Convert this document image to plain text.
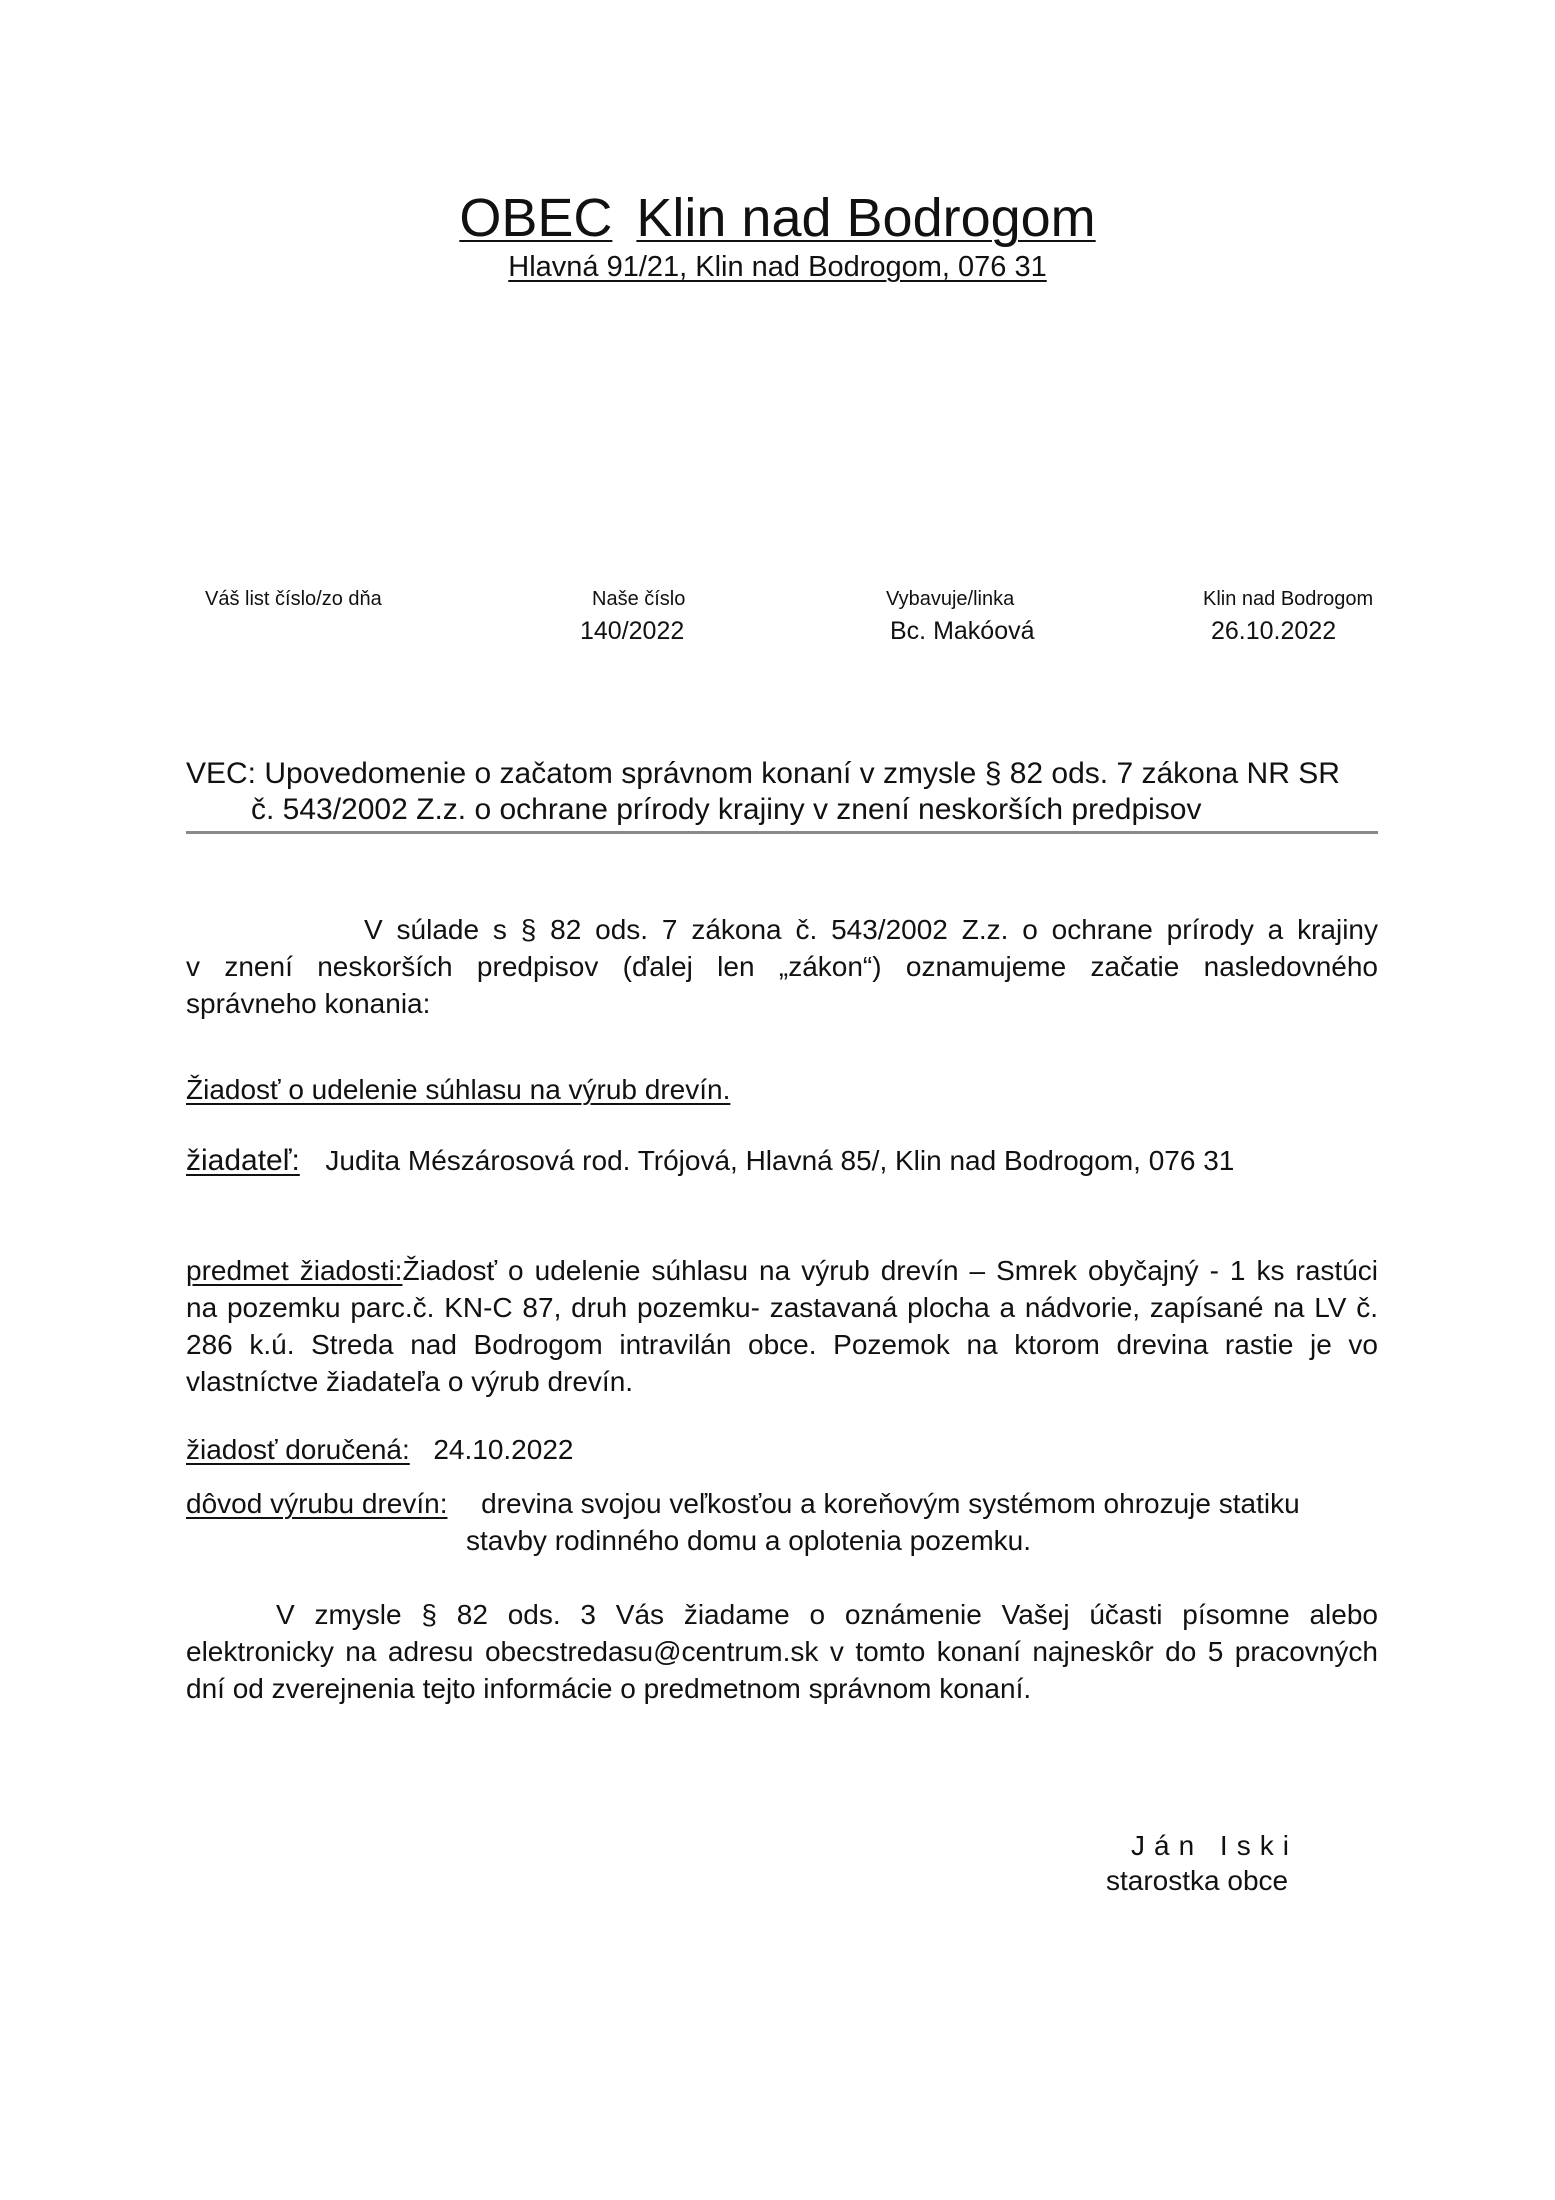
OBEC Klin nad Bodrogom
Hlavná 91/21, Klin nad Bodrogom, 076 31
Váš list číslo/zo dňa	Naše číslo
140/2022
Vybavuje/linka
Bc. Makóová
Klin nad Bodrogom
26.10.2022
VEC: Upovedomenie o začatom správnom konaní v zmysle § 82 ods. 7 zákona NR SR
č. 543/2002 Z.z. o ochrane prírody krajiny v znení neskorších predpisov
V súlade s § 82 ods. 7 zákona č. 543/2002 Z.z. o ochrane prírody a krajiny
v znení neskorších predpisov (ďalej len „zákon“) oznamujeme začatie nasledovného
správneho konania:
Žiadosť o udelenie súhlasu na výrub drevín.
žiadateľ: Judita Mészárosová rod. Trójová, Hlavná 85/, Klin nad Bodrogom, 076 31
predmet žiadosti:Žiadosť o udelenie súhlasu na výrub drevín – Smrek obyčajný - 1 ks rastúci
na pozemku parc.č. KN-C 87, druh pozemku- zastavaná plocha a nádvorie, zapísané na LV č.
286 k.ú. Streda nad Bodrogom intravilán obce. Pozemok na ktorom drevina rastie je vo
vlastníctve žiadateľa o výrub drevín.
žiadosť doručená: 24.10.2022
dôvod výrubu drevín: drevina svojou veľkosťou a koreňovým systémom ohrozuje statiku
stavby rodinného domu a oplotenia pozemku.
V zmysle § 82 ods. 3 Vás žiadame o oznámenie Vašej účasti písomne alebo
elektronicky na adresu obecstredasu@centrum.sk v tomto konaní najneskôr do 5 pracovných
dní od zverejnenia tejto informácie o predmetnom správnom konaní.
Ján Iski
starostka obce
